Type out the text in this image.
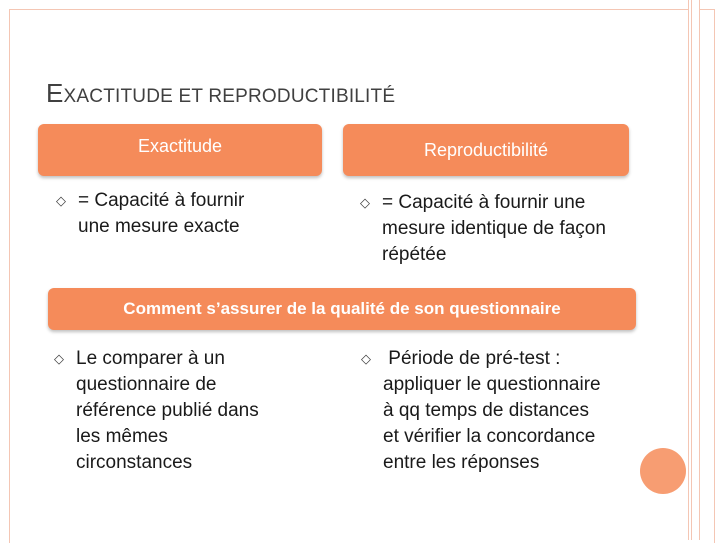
EXACTITUDE ET REPRODUCTIBILITÉ
Exactitude	Reproductibilité
◇ = Capacité à fournir
une mesure exacte
◇ = Capacité à fournir une
mesure identique de façon
répétée
Comment s’assurer de la qualité de son questionnaire
◇ Le comparer à un
questionnaire de
référence publié dans
les mêmes
circonstances
◇ Période de pré-test :
appliquer le questionnaire
à qq temps de distances
et vérifier la concordance
entre les réponses
